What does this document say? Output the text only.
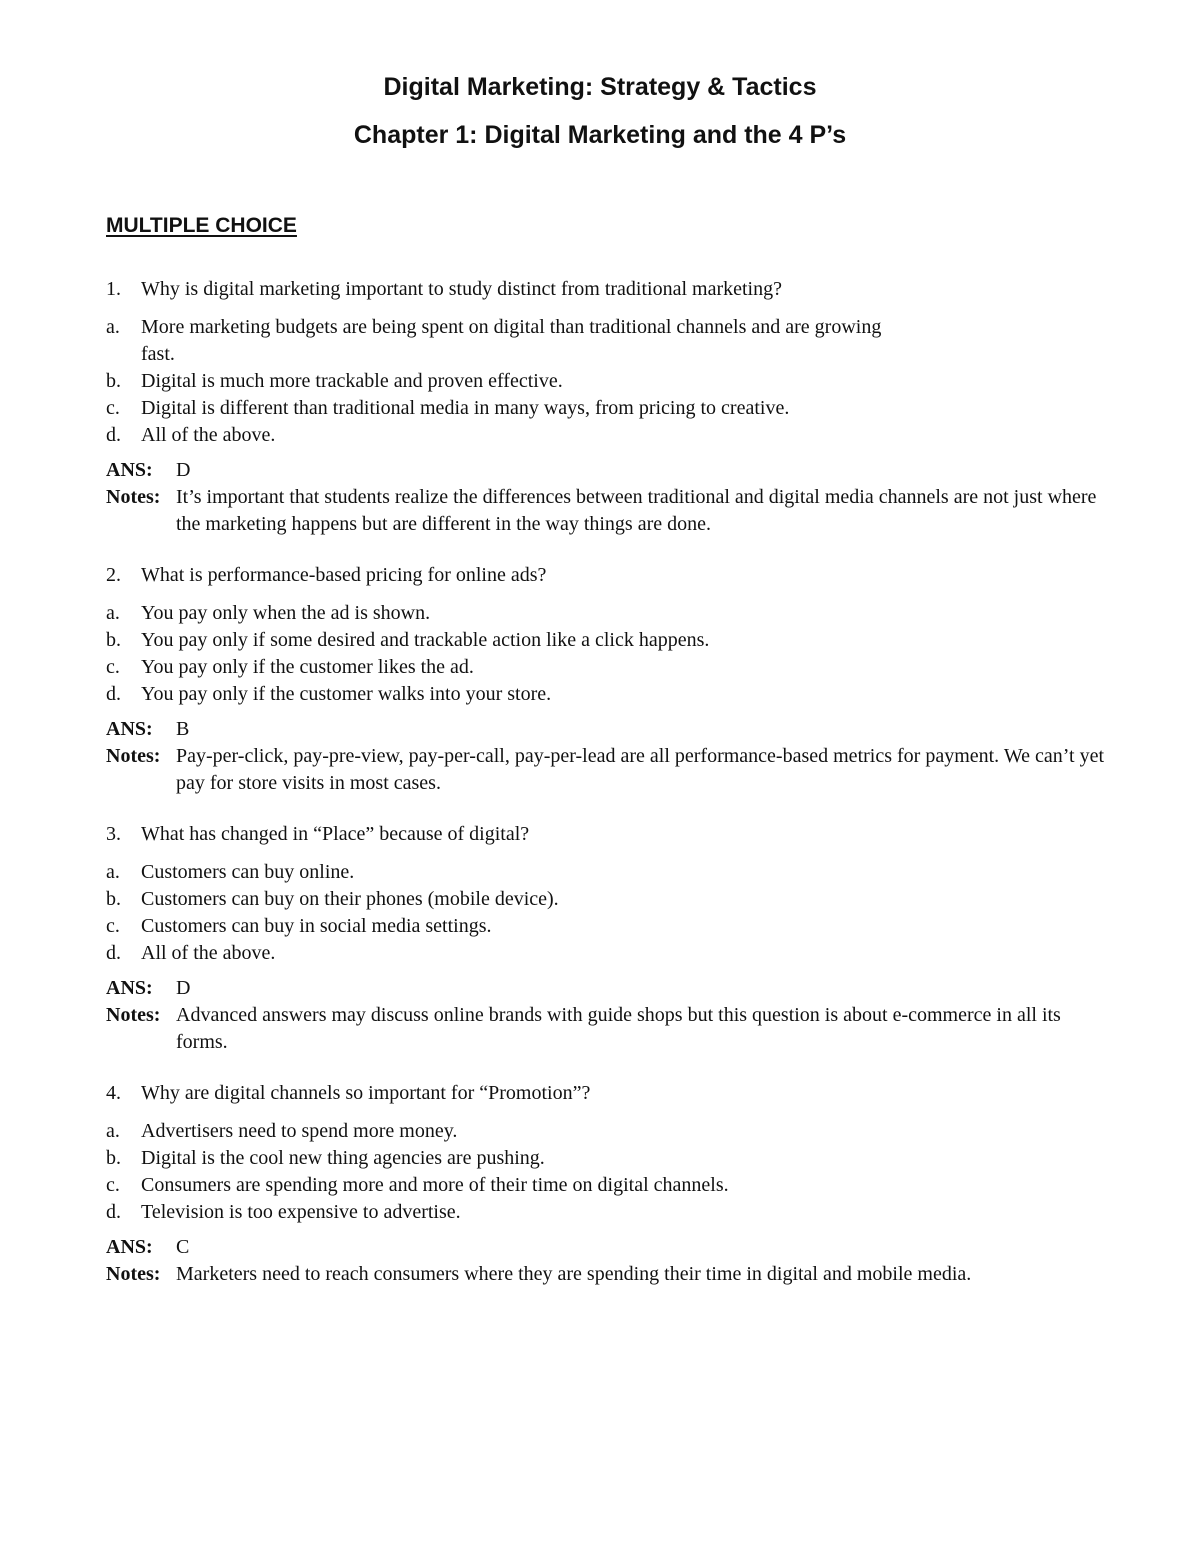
Digital Marketing: Strategy & Tactics
Chapter 1: Digital Marketing and the 4 P’s
MULTIPLE CHOICE
1.	Why is digital marketing important to study distinct from traditional marketing?
a.	More marketing budgets are being spent on digital than traditional channels and are growing fast.
b.	Digital is much more trackable and proven effective.
c.	Digital is different than traditional media in many ways, from pricing to creative.
d.	All of the above.
ANS:	D
Notes: It’s important that students realize the differences between traditional and digital media channels are not just where the marketing happens but are different in the way things are done.
2.	What is performance-based pricing for online ads?
a.	You pay only when the ad is shown.
b.	You pay only if some desired and trackable action like a click happens.
c.	You pay only if the customer likes the ad.
d.	You pay only if the customer walks into your store.
ANS:	B
Notes: Pay-per-click, pay-pre-view, pay-per-call, pay-per-lead are all performance-based metrics for payment. We can’t yet pay for store visits in most cases.
3.	What has changed in “Place” because of digital?
a.	Customers can buy online.
b.	Customers can buy on their phones (mobile device).
c.	Customers can buy in social media settings.
d.	All of the above.
ANS:	D
Notes: Advanced answers may discuss online brands with guide shops but this question is about e-commerce in all its forms.
4.	Why are digital channels so important for “Promotion”?
a.	Advertisers need to spend more money.
b.	Digital is the cool new thing agencies are pushing.
c.	Consumers are spending more and more of their time on digital channels.
d.	Television is too expensive to advertise.
ANS:	C
Notes: Marketers need to reach consumers where they are spending their time in digital and mobile media.
